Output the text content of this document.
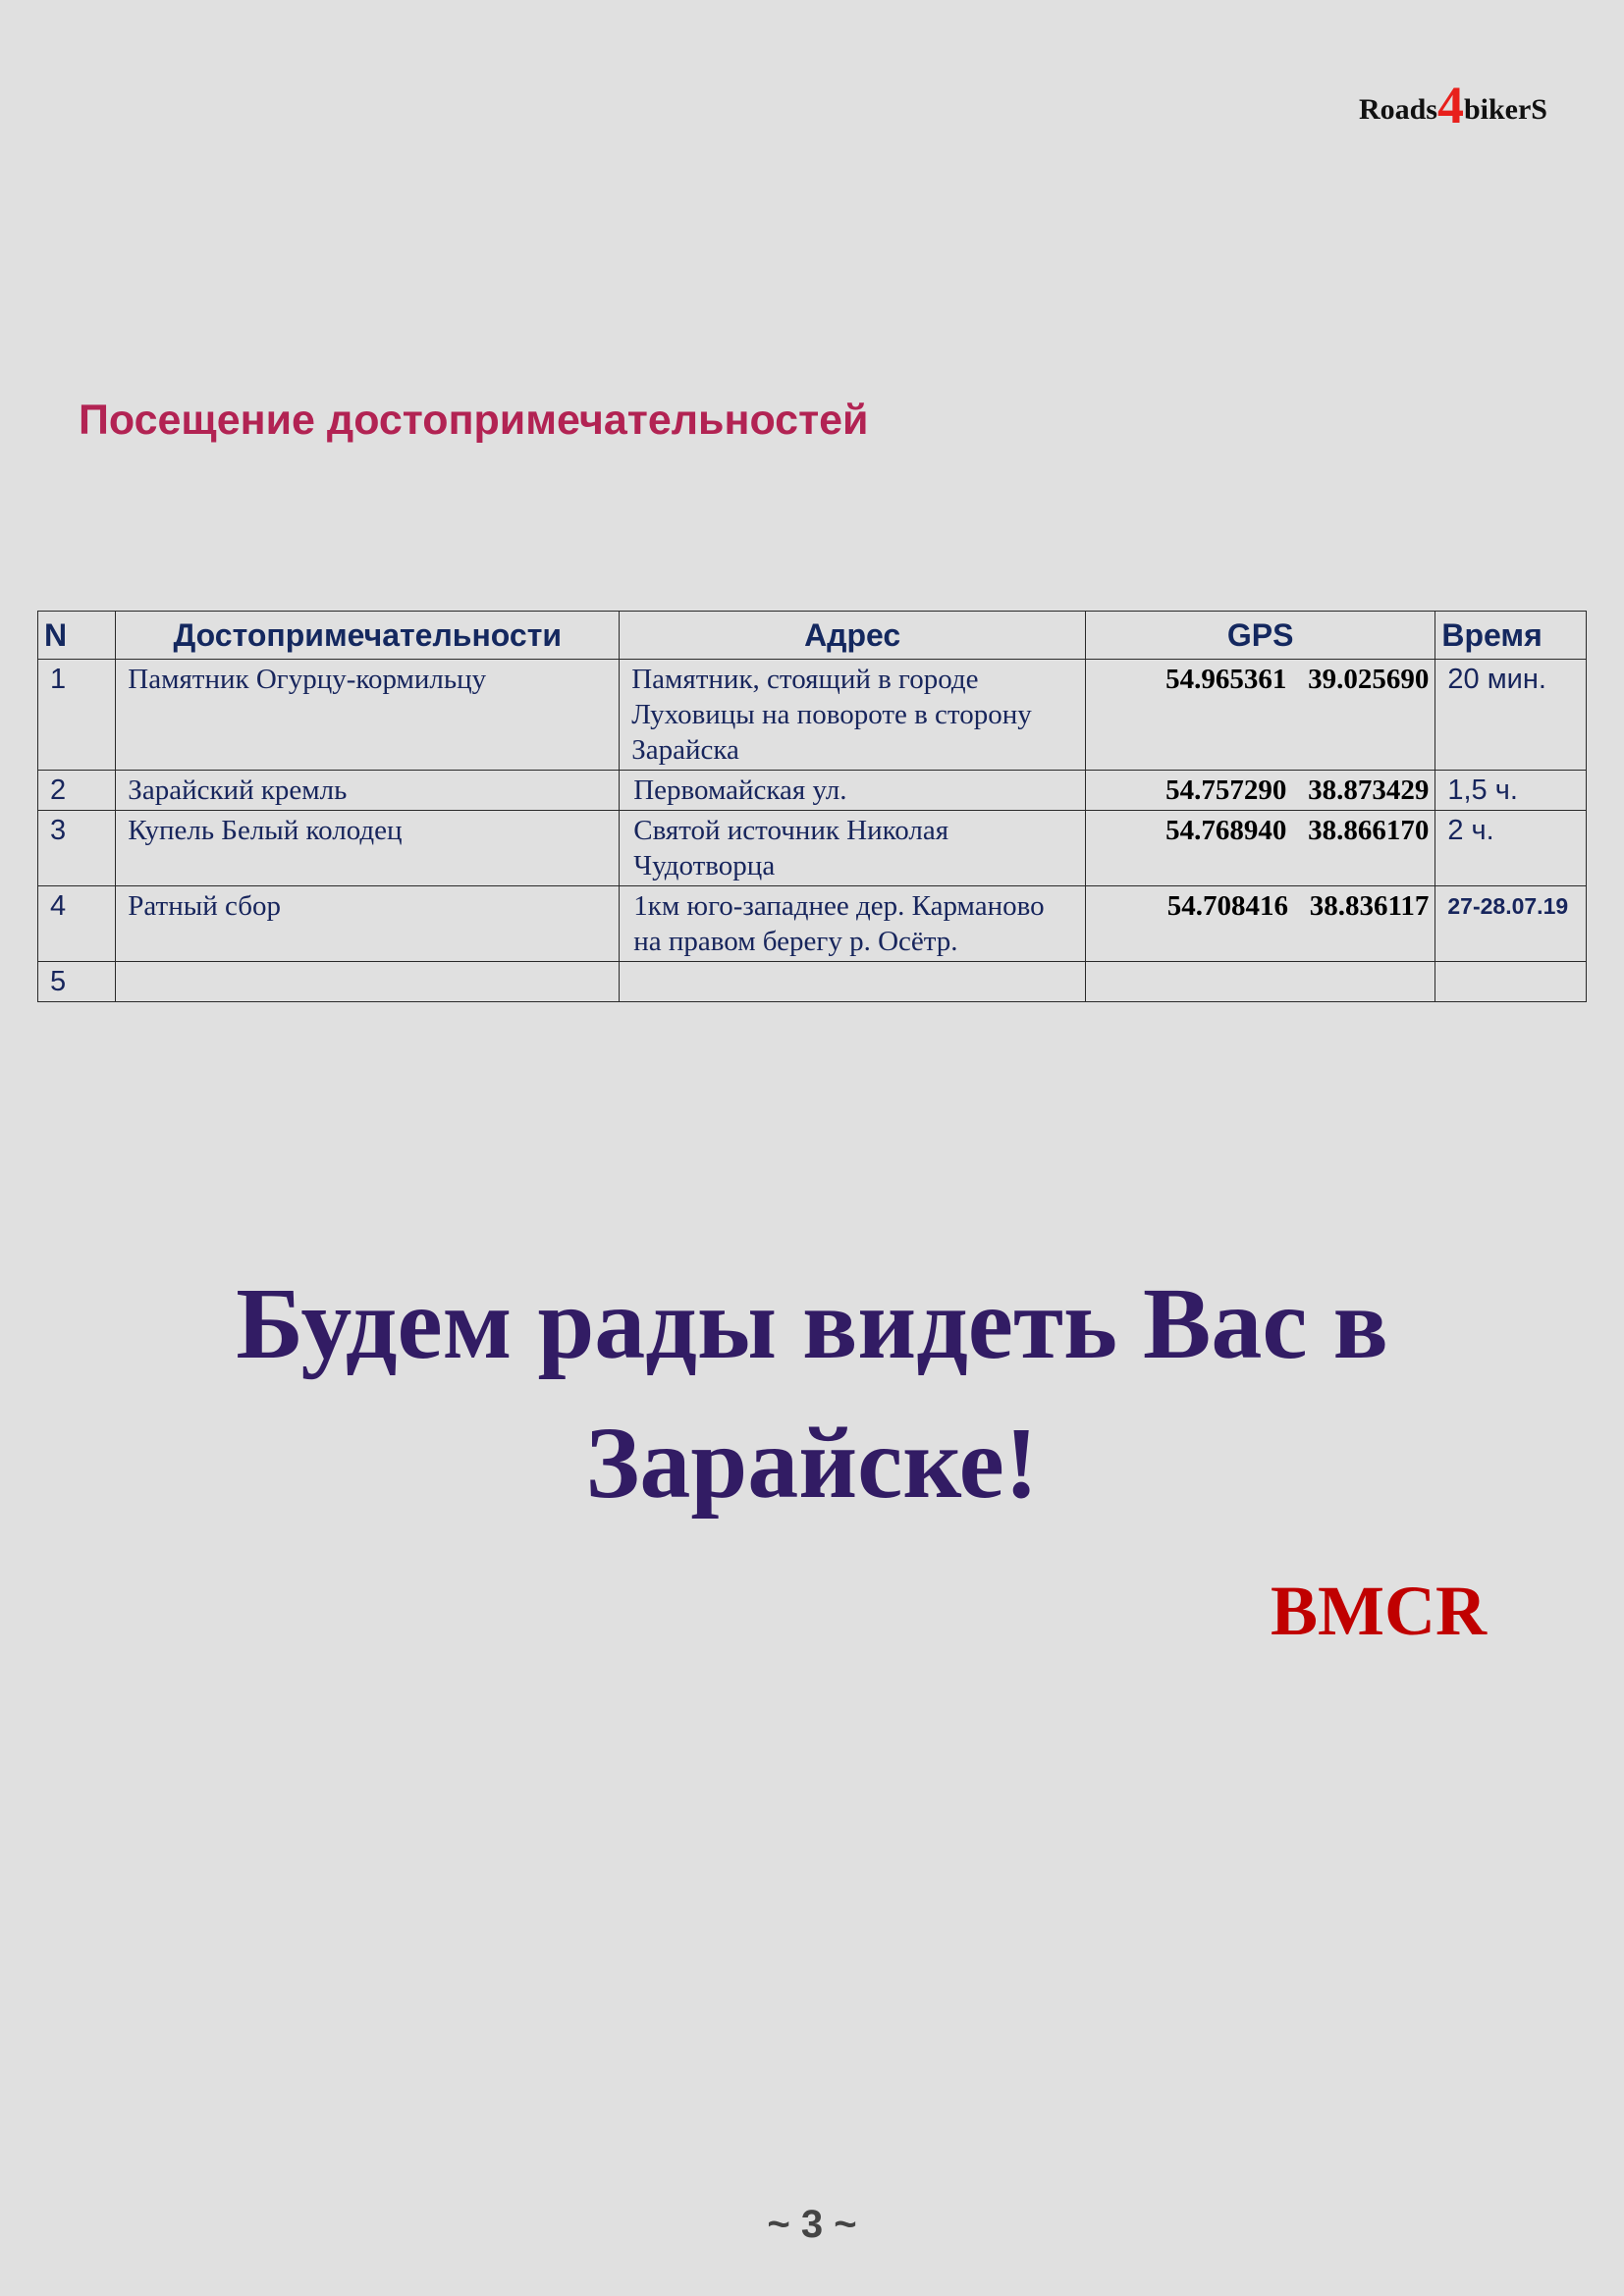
Roads4bikerS
Посещение достопримечательностей
N	Достопримечательности	Адрес	GPS	Время
1	Памятник Огурцу-кормильцу	Памятник, стоящий в городе Луховицы на повороте в сторону Зарайска	54.965361   39.025690	20 мин.
2	Зарайский кремль	Первомайская ул.	54.757290   38.873429	1,5 ч.
3	Купель Белый колодец	Святой источник Николая Чудотворца	54.768940   38.866170	2 ч.
4	Ратный сбор	1км юго-западнее дер. Карманово на правом берегу р. Осётр.	54.708416   38.836117	27-28.07.19
5				
Будем рады видеть Вас в
Зарайске!
BMCR
~ 3 ~
